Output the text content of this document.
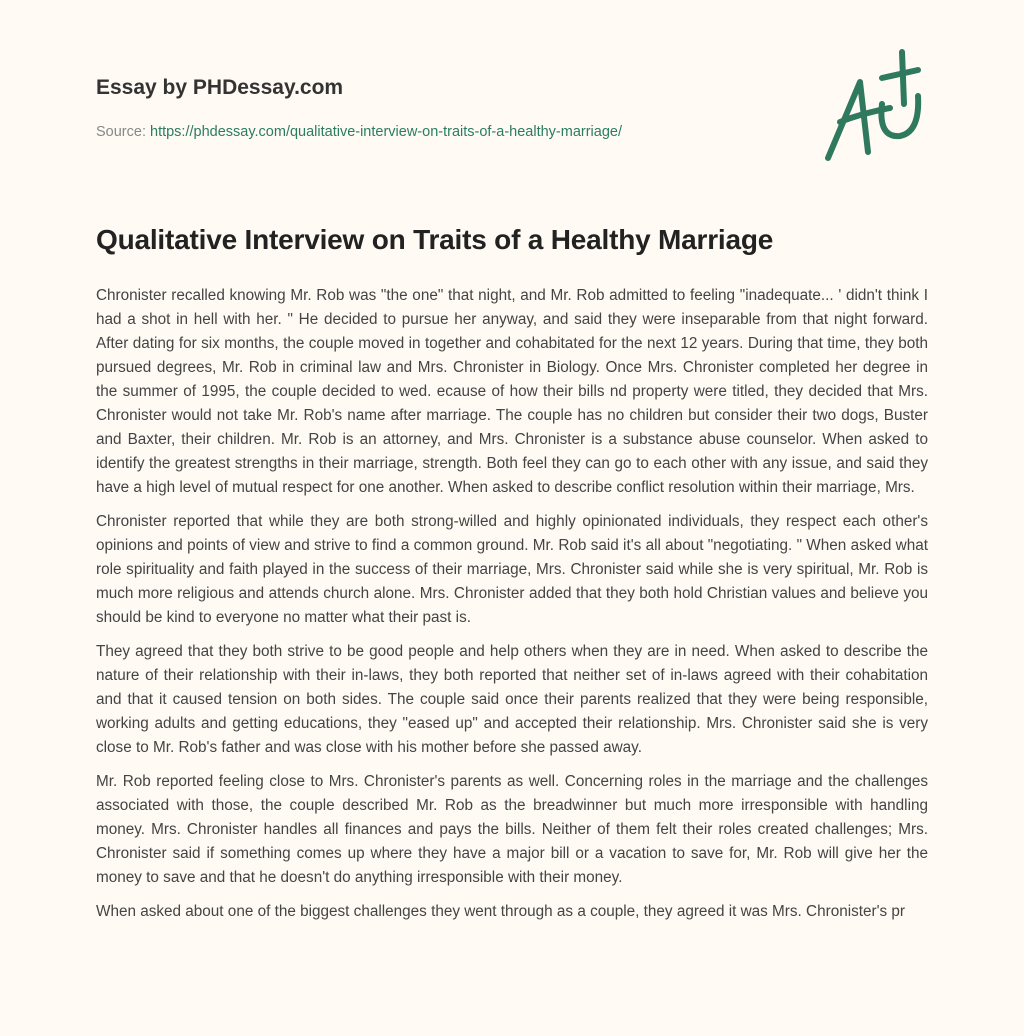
Essay by PHDessay.com

Source: https://phdessay.com/qualitative-interview-on-traits-of-a-healthy-marriage/
Qualitative Interview on Traits of a Healthy Marriage

Chronister recalled knowing Mr. Rob was "the one" that night, and Mr. Rob admitted to feeling "inadequate... ' didn't think I had a shot in hell with her. " He decided to pursue her anyway, and said they were inseparable from that night forward. After dating for six months, the couple moved in together and cohabitated for the next 12 years. During that time, they both pursued degrees, Mr. Rob in criminal law and Mrs. Chronister in Biology. Once Mrs. Chronister completed her degree in the summer of 1995, the couple decided to wed. ecause of how their bills nd property were titled, they decided that Mrs. Chronister would not take Mr. Rob's name after marriage. The couple has no children but consider their two dogs, Buster and Baxter, their children. Mr. Rob is an attorney, and Mrs. Chronister is a substance abuse counselor. When asked to identify the greatest strengths in their marriage, strength. Both feel they can go to each other with any issue, and said they have a high level of mutual respect for one another. When asked to describe conflict resolution within their marriage, Mrs.

Chronister reported that while they are both strong-willed and highly opinionated individuals, they respect each other's opinions and points of view and strive to find a common ground. Mr. Rob said it's all about "negotiating. " When asked what role spirituality and faith played in the success of their marriage, Mrs. Chronister said while she is very spiritual, Mr. Rob is much more religious and attends church alone. Mrs. Chronister added that they both hold Christian values and believe you should be kind to everyone no matter what their past is.

They agreed that they both strive to be good people and help others when they are in need. When asked to describe the nature of their relationship with their in-laws, they both reported that neither set of in-laws agreed with their cohabitation and that it caused tension on both sides. The couple said once their parents realized that they were being responsible, working adults and getting educations, they "eased up" and accepted their relationship. Mrs. Chronister said she is very close to Mr. Rob's father and was close with his mother before she passed away.

Mr. Rob reported feeling close to Mrs. Chronister's parents as well. Concerning roles in the marriage and the challenges associated with those, the couple described Mr. Rob as the breadwinner but much more irresponsible with handling money. Mrs. Chronister handles all finances and pays the bills. Neither of them felt their roles created challenges; Mrs. Chronister said if something comes up where they have a major bill or a vacation to save for, Mr. Rob will give her the money to save and that he doesn't do anything irresponsible with their money.

When asked about one of the biggest challenges they went through as a couple, they agreed it was Mrs. Chronister's pr
